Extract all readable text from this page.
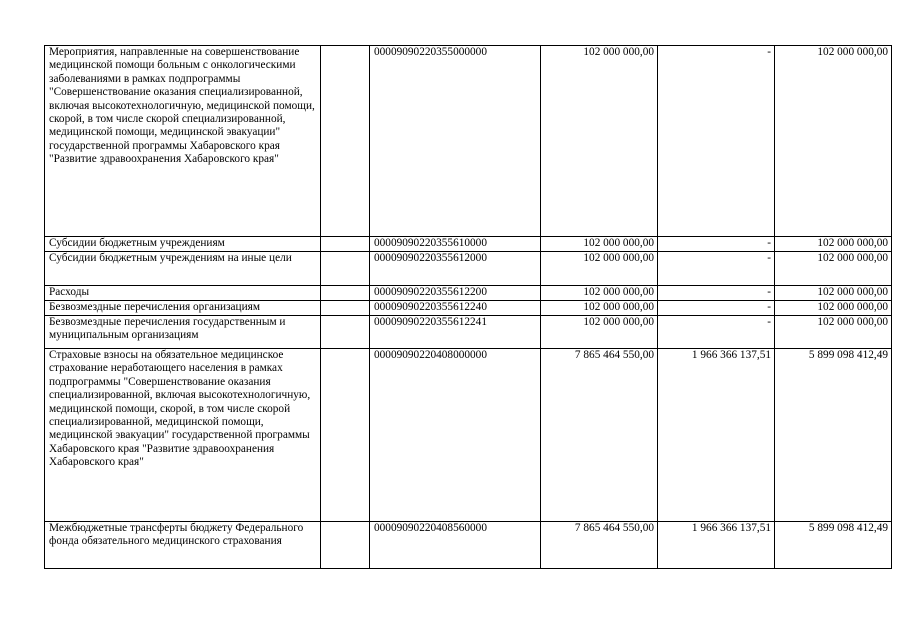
Мероприятия, направленные на совершенствование медицинской помощи больным с онкологическими заболеваниями в рамках подпрограммы "Совершенствование оказания специализированной, включая высокотехнологичную, медицинской помощи, скорой, в том числе скорой специализированной, медицинской помощи, медицинской эвакуации" государственной программы Хабаровского края "Развитие здравоохранения Хабаровского края"		00009090220355000000	102 000 000,00	-	102 000 000,00
Субсидии бюджетным учреждениям		00009090220355610000	102 000 000,00	-	102 000 000,00
Субсидии бюджетным учреждениям на иные цели		00009090220355612000	102 000 000,00	-	102 000 000,00
Расходы		00009090220355612200	102 000 000,00	-	102 000 000,00
Безвозмездные перечисления организациям		00009090220355612240	102 000 000,00	-	102 000 000,00
Безвозмездные перечисления государственным и муниципальным организациям		00009090220355612241	102 000 000,00	-	102 000 000,00
Страховые взносы на обязательное медицинское страхование неработающего населения в рамках подпрограммы "Совершенствование оказания специализированной, включая высокотехнологичную, медицинской помощи, скорой, в том числе скорой специализированной, медицинской помощи, медицинской эвакуации" государственной программы Хабаровского края "Развитие здравоохранения Хабаровского края"		00009090220408000000	7 865 464 550,00	1 966 366 137,51	5 899 098 412,49
Межбюджетные трансферты бюджету Федерального фонда обязательного медицинского страхования		00009090220408560000	7 865 464 550,00	1 966 366 137,51	5 899 098 412,49
